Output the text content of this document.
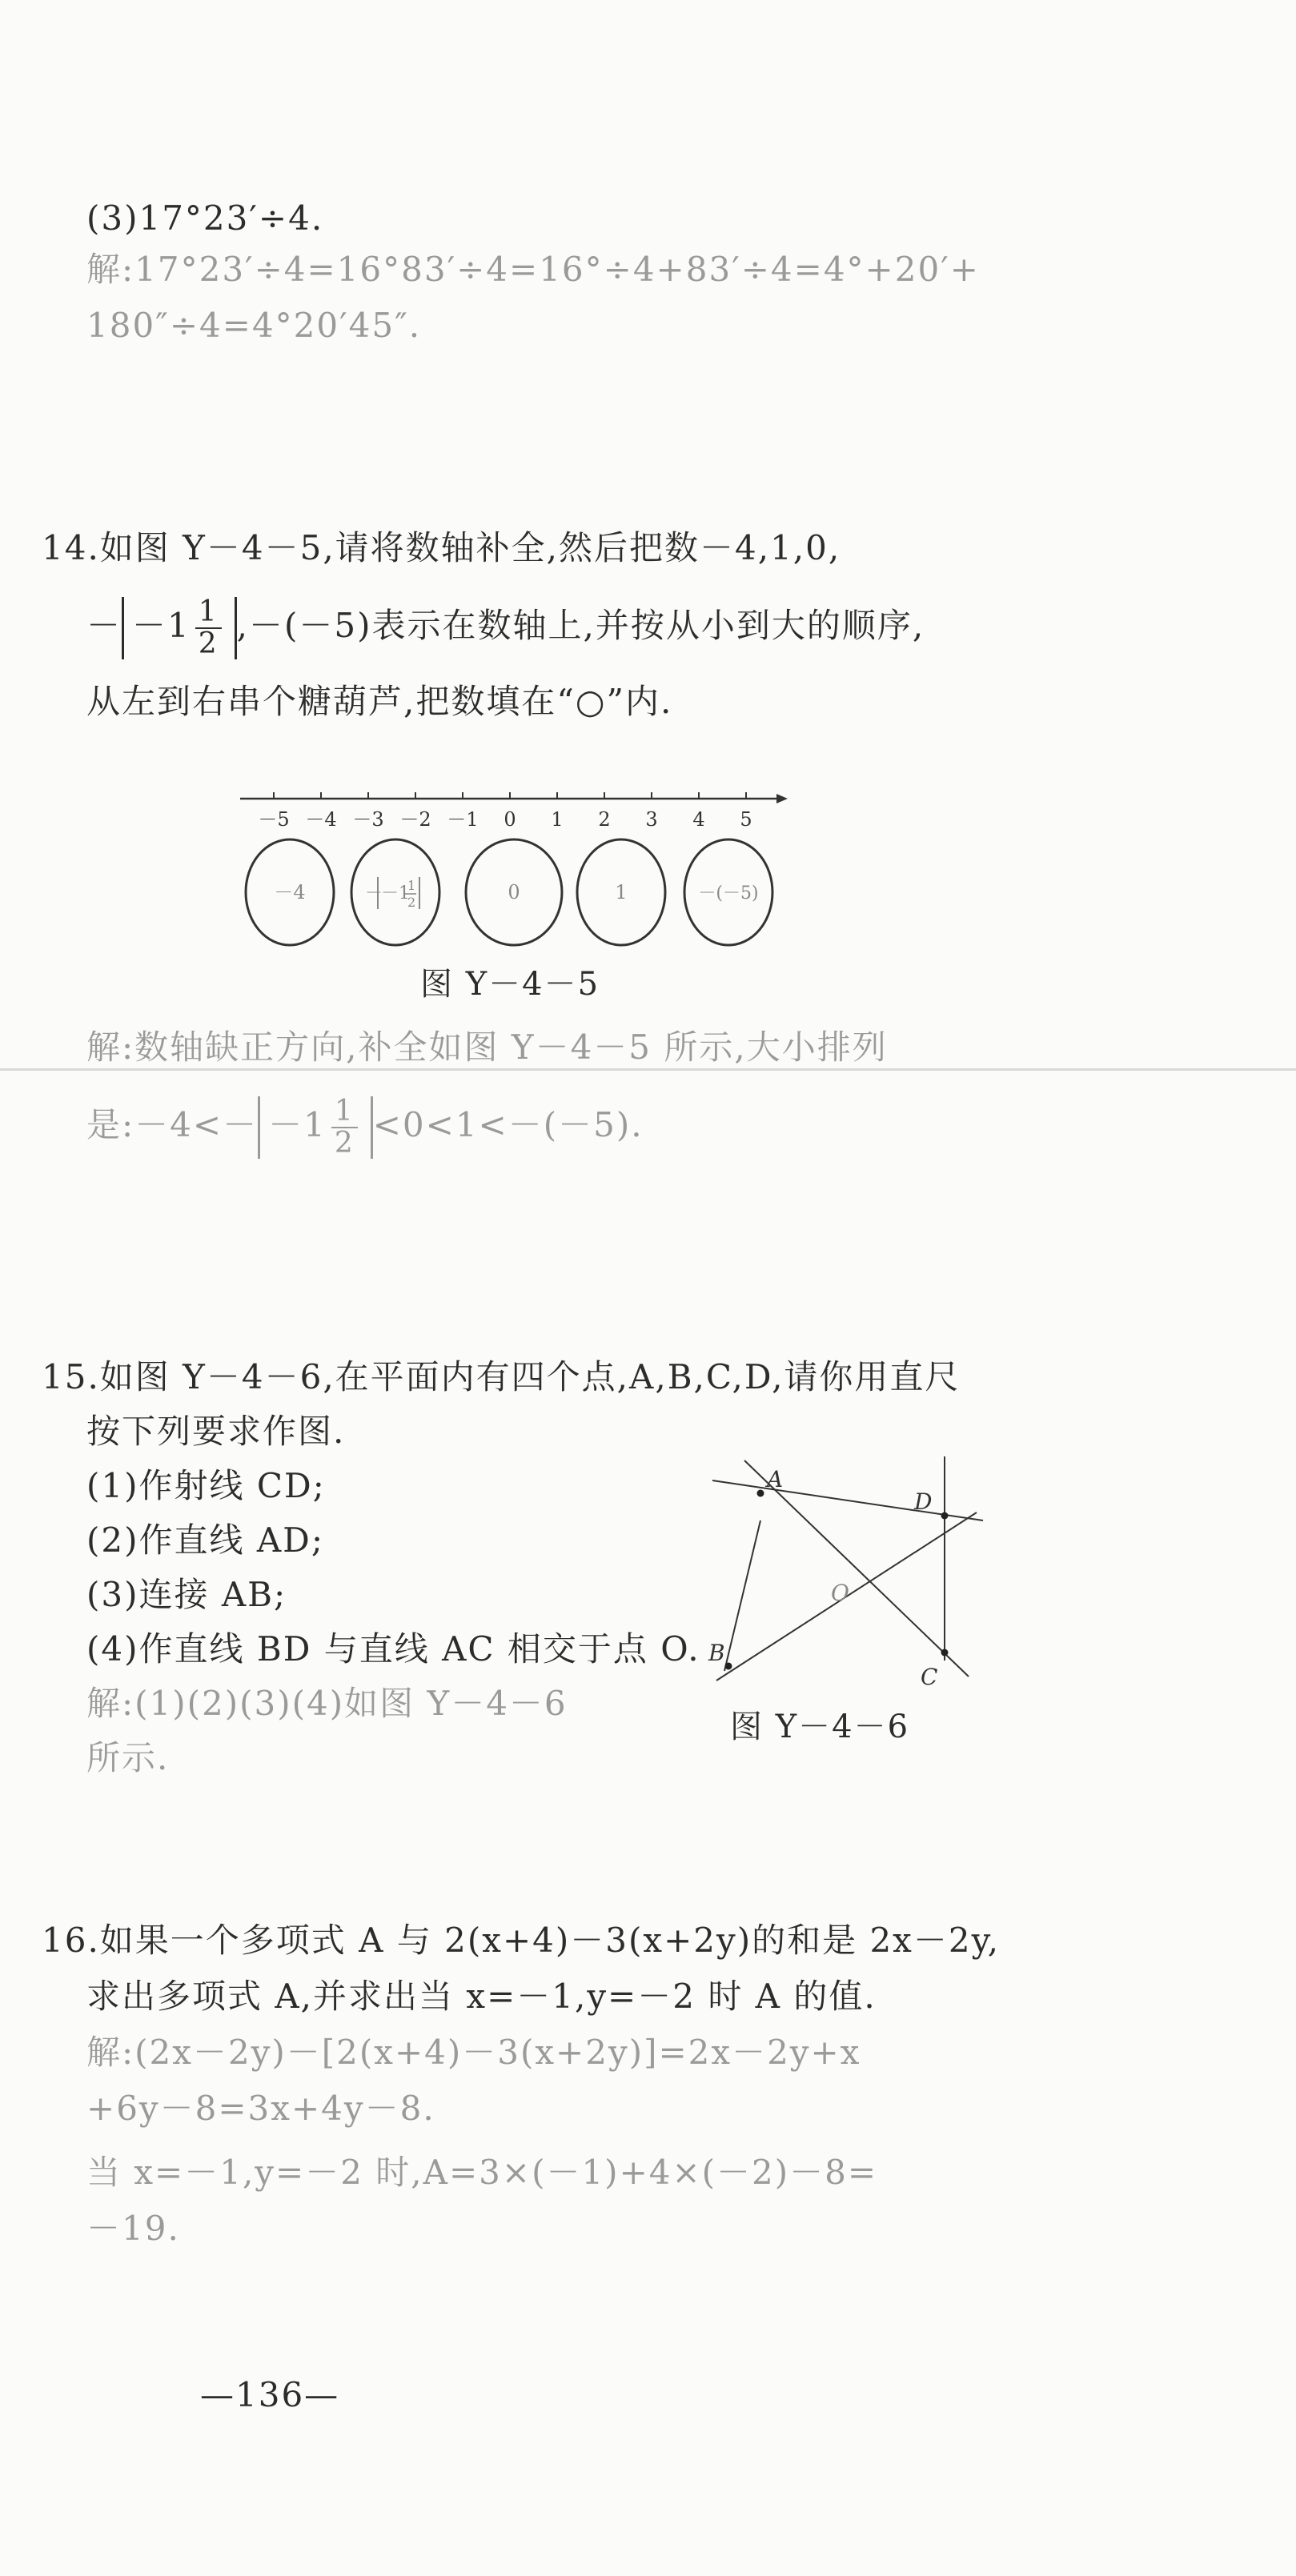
(3)17°23′÷4.
解:17°23′÷4=16°83′÷4=16°÷4+83′÷4=4°+20′+
180″÷4=4°20′45″.
14.如图 Y－4－5,请将数轴补全,然后把数－4,1,0,
－ $-1 \frac{1}{2} ,-(-5)$表示在数轴上,并按从小到大的顺序,
从左到右串个糖葫芦,把数填在“○”内.
－5 －4 －3 －2 －1 0 1 2 3 4 5
－4	－
－1
1
2	0	1	－(－5)
图 Y－4－5
解:数轴缺正方向,补全如图 Y－4－5 所示,大小排列
是:－4<－ $-1 \frac{1}{2} <0<1<-(-5)$.
15.如图 Y－4－6,在平面内有四个点,A,B,C,D,请你用直尺
按下列要求作图.
(1)作射线 CD;
(2)作直线 AD;
(3)连接 AB;
(4)作直线 BD 与直线 AC 相交于点 O.
解:(1)(2)(3)(4)如图 Y－4－6
所示.
A
D
C
B
O
图 Y－4－6
16.如果一个多项式 A 与 2(x+4)－3(x+2y)的和是 2x－2y,
求出多项式 A,并求出当 x=－1,y=－2 时 A 的值.
解:(2x－2y)－[2(x+4)－3(x+2y)]=2x－2y+x
+6y－8=3x+4y－8.
当 x=－1,y=－2 时,A=3×(－1)+4×(－2)－8=
－19.
—136—
